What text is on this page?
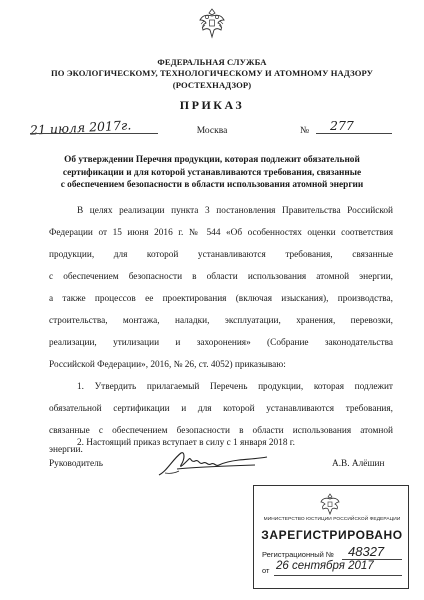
ФЕДЕРАЛЬНАЯ СЛУЖБА
ПО ЭКОЛОГИЧЕСКОМУ, ТЕХНОЛОГИЧЕСКОМУ И АТОМНОМУ НАДЗОРУ
(РОСТЕХНАДЗОР)
ПРИКАЗ
21 июля 2017г.	Москва	№ 277
Об утверждении Перечня продукции, которая подлежит обязательной
сертификации и для которой устанавливаются требования, связанные
с обеспечением безопасности в области использования атомной энергии
В целях реализации пункта 3 постановления Правительства Российской
Федерации от 15 июня 2016 г. № 544 «Об особенностях оценки соответствия
продукции, для которой устанавливаются требования, связанные
с обеспечением безопасности в области использования атомной энергии,
а также процессов ее проектирования (включая изыскания), производства,
строительства, монтажа, наладки, эксплуатации, хранения, перевозки,
реализации, утилизации и захоронения» (Собрание законодательства
Российской Федерации», 2016, № 26, ст. 4052) приказываю:
1. Утвердить прилагаемый Перечень продукции, которая подлежит
обязательной сертификации и для которой устанавливаются требования,
связанные с обеспечением безопасности в области использования атомной
энергии.
2. Настоящий приказ вступает в силу с 1 января 2018 г.
Руководитель	А.В. Алёшин
МИНИСТЕРСТВО ЮСТИЦИИ РОССИЙСКОЙ ФЕДЕРАЦИИ
ЗАРЕГИСТРИРОВАНО
Регистрационный № 48327
от 26 сентября 2017
